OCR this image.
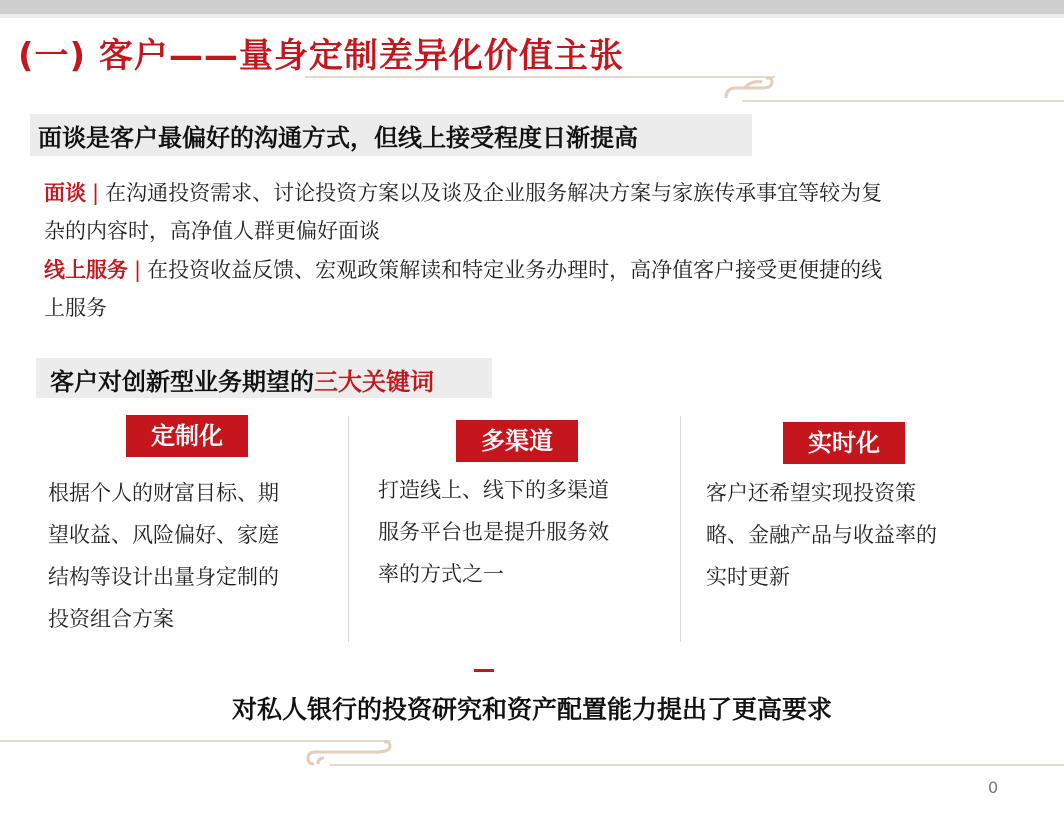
(一) 客户——量身定制差异化价值主张
面谈是客户最偏好的沟通方式，但线上接受程度日渐提高
面谈 | 在沟通投资需求、讨论投资方案以及谈及企业服务解决方案与家族传承事宜等较为复
杂的内容时，高净值人群更偏好面谈
线上服务 | 在投资收益反馈、宏观政策解读和特定业务办理时，高净值客户接受更便捷的线
上服务
客户对创新型业务期望的三大关键词
定制化	多渠道	实时化
根据个人的财富目标、期
望收益、风险偏好、家庭
结构等设计出量身定制的
投资组合方案
打造线上、线下的多渠道
服务平台也是提升服务效
率的方式之一
客户还希望实现投资策
略、金融产品与收益率的
实时更新
对私人银行的投资研究和资产配置能力提出了更高要求
0
